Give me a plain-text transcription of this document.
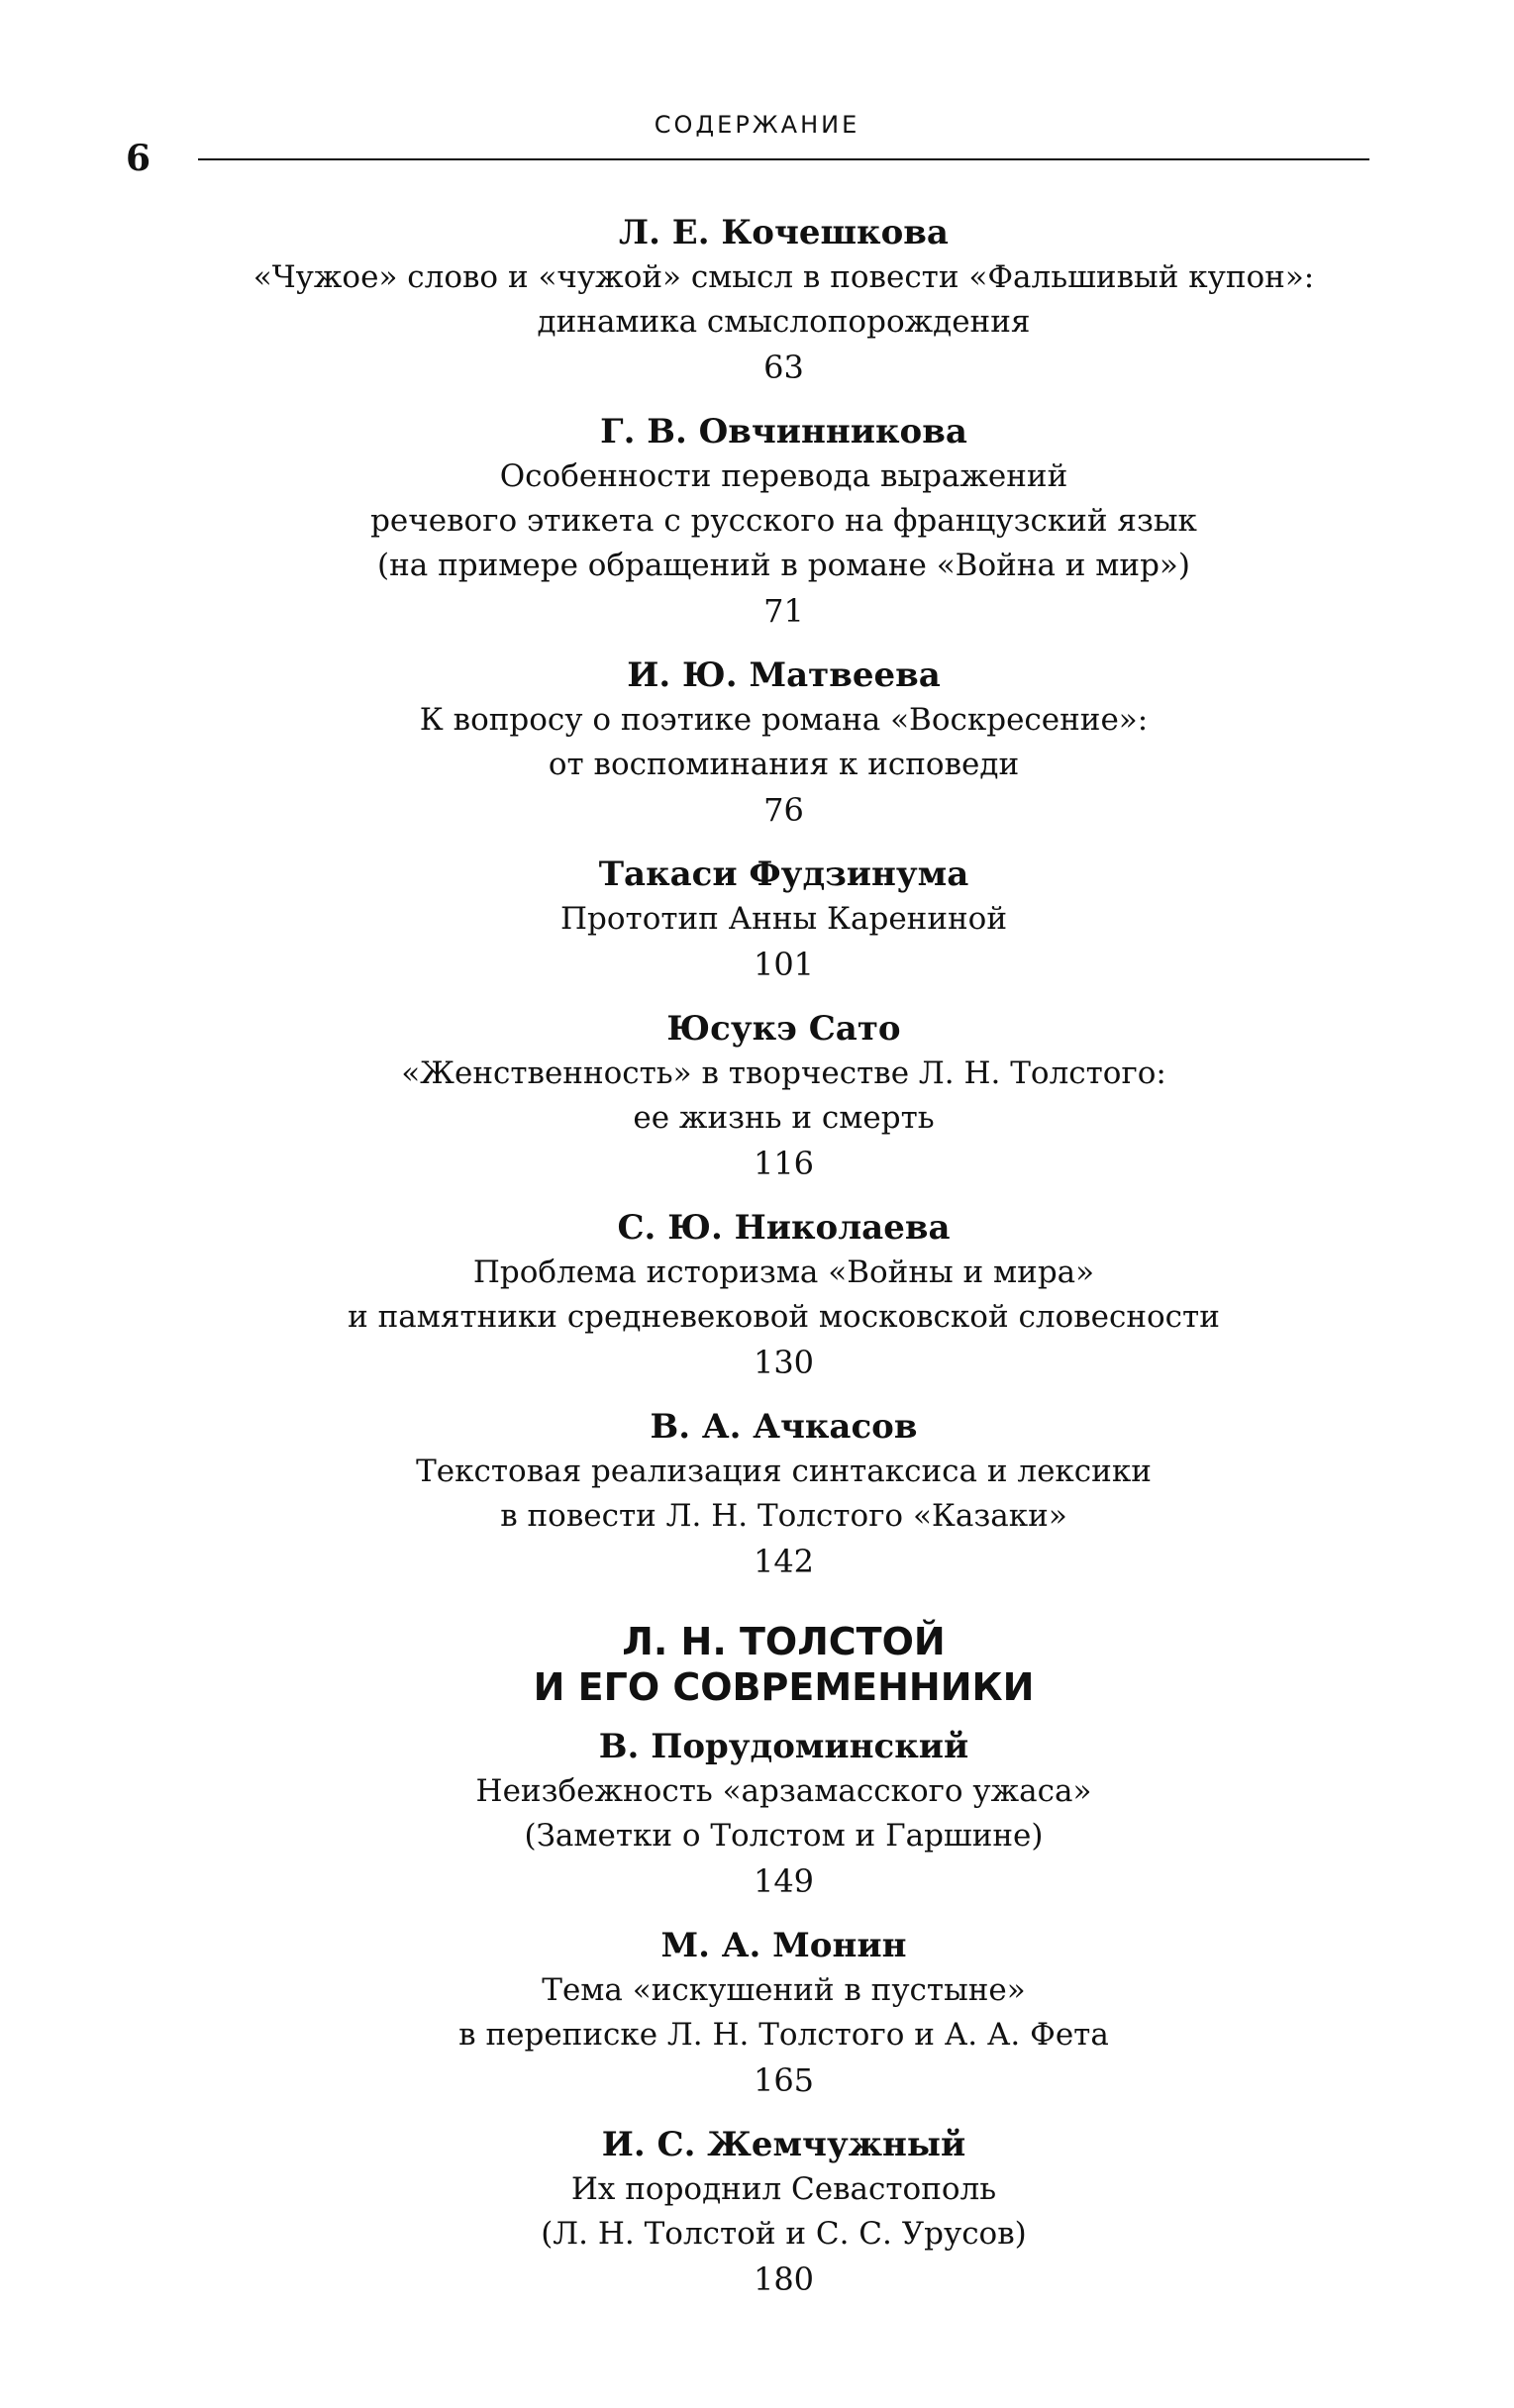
6
СОДЕРЖАНИЕ
Л. Е. Кочешкова
«Чужое» слово и «чужой» смысл в повести «Фальшивый купон»:
динамика смыслопорождения
63
Г. В. Овчинникова
Особенности перевода выражений
речевого этикета с русского на французский язык
(на примере обращений в романе «Война и мир»)
71
И. Ю. Матвеева
К вопросу о поэтике романа «Воскресение»:
от воспоминания к исповеди
76
Такаси Фудзинума
Прототип Анны Карениной
101
Юсукэ Сато
«Женственность» в творчестве Л. Н. Толстого:
ее жизнь и смерть
116
С. Ю. Николаева
Проблема историзма «Войны и мира»
и памятники средневековой московской словесности
130
В. А. Ачкасов
Текстовая реализация синтаксиса и лексики
в повести Л. Н. Толстого «Казаки»
142
Л. Н. ТОЛСТОЙ
И ЕГО СОВРЕМЕННИКИ
В. Порудоминский
Неизбежность «арзамасского ужаса»
(Заметки о Толстом и Гаршине)
149
М. А. Монин
Тема «искушений в пустыне»
в переписке Л. Н. Толстого и А. А. Фета
165
И. С. Жемчужный
Их породнил Севастополь
(Л. Н. Толстой и С. С. Урусов)
180
